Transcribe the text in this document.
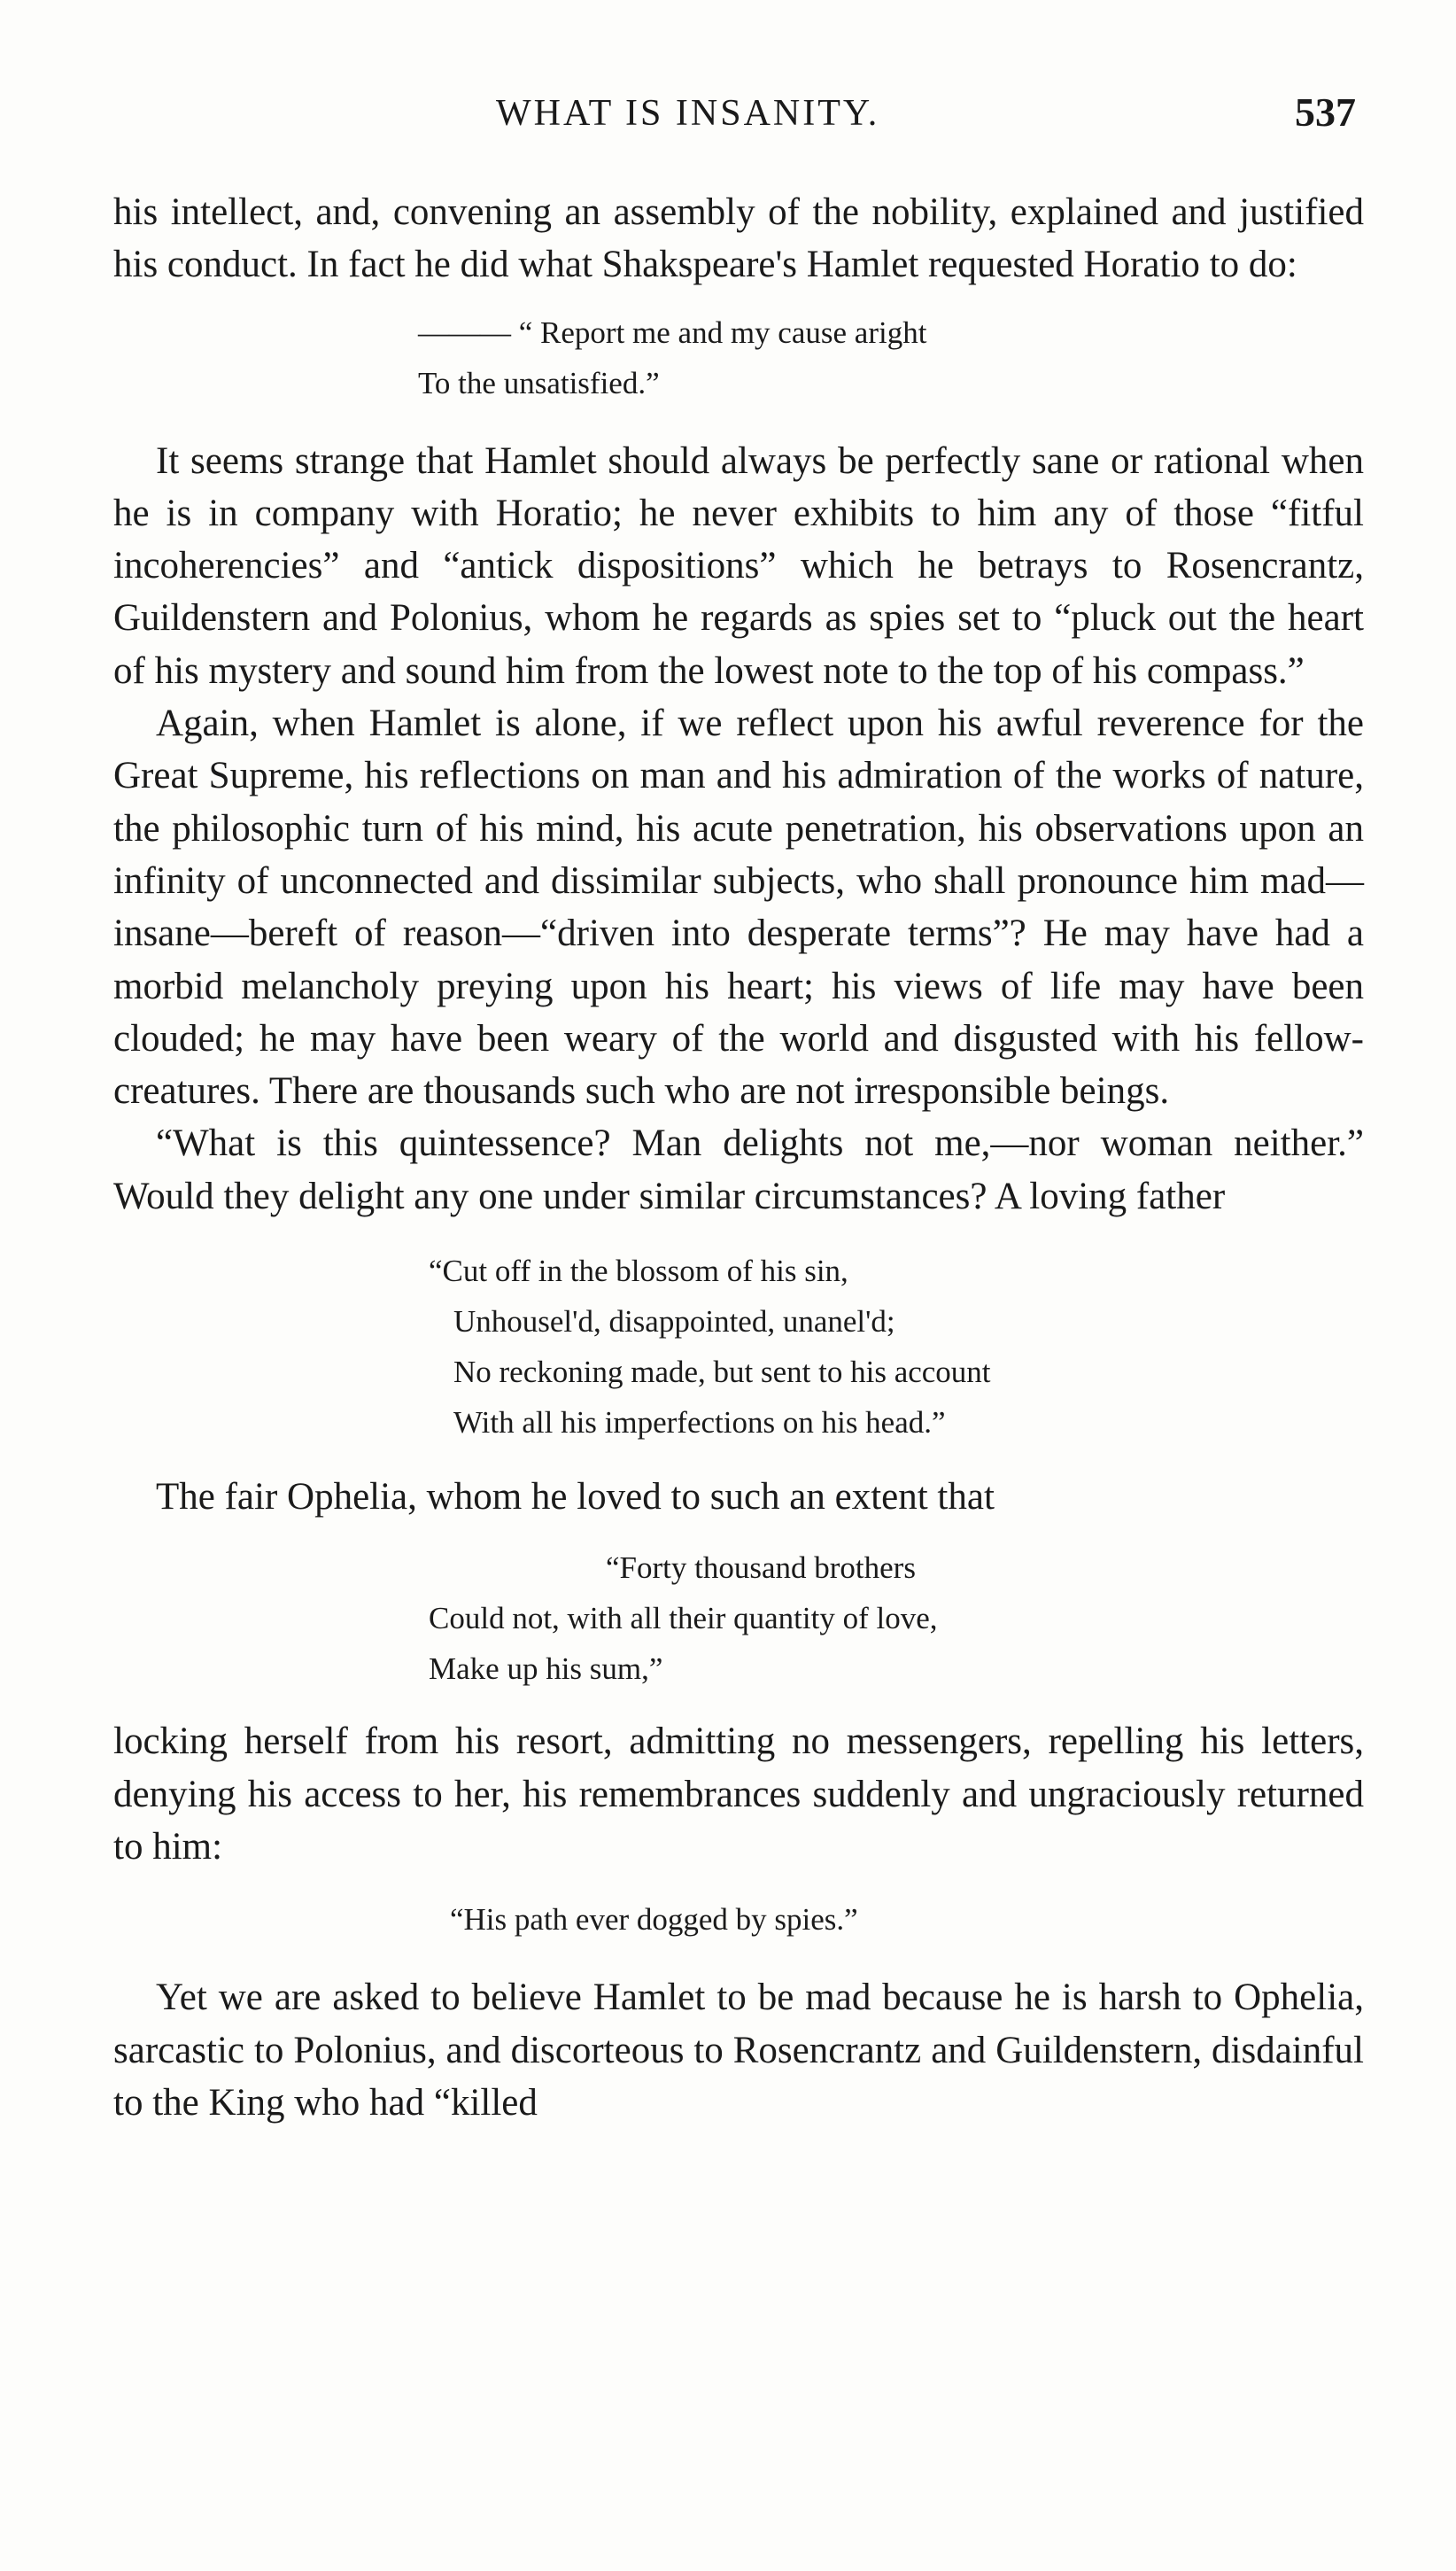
WHAT IS INSANITY.	537

his intellect, and, convening an assembly of the nobility, explained and justified his conduct. In fact he did what Shakspeare's Hamlet requested Horatio to do:

——— “ Report me and my cause aright
To the unsatisfied.”

It seems strange that Hamlet should always be perfectly sane or rational when he is in company with Horatio; he never exhibits to him any of those “fitful incoherencies” and “antick dispositions” which he betrays to Rosencrantz, Guildenstern and Polonius, whom he regards as spies set to “pluck out the heart of his mystery and sound him from the lowest note to the top of his compass.”

Again, when Hamlet is alone, if we reflect upon his awful reverence for the Great Supreme, his reflections on man and his admiration of the works of nature, the philosophic turn of his mind, his acute penetration, his observations upon an infinity of unconnected and dissimilar subjects, who shall pronounce him mad—insane—bereft of reason—“driven into desperate terms”? He may have had a morbid melancholy preying upon his heart; his views of life may have been clouded; he may have been weary of the world and disgusted with his fellow-creatures. There are thousands such who are not irresponsible beings.

“What is this quintessence? Man delights not me,—nor woman neither.” Would they delight any one under similar circumstances? A loving father

“Cut off in the blossom of his sin,
Unhousel'd, disappointed, unanel'd;
No reckoning made, but sent to his account
With all his imperfections on his head.”

The fair Ophelia, whom he loved to such an extent that

“Forty thousand brothers
Could not, with all their quantity of love,
Make up his sum,”

locking herself from his resort, admitting no messengers, repelling his letters, denying his access to her, his remembrances suddenly and ungraciously returned to him:

“His path ever dogged by spies.”

Yet we are asked to believe Hamlet to be mad because he is harsh to Ophelia, sarcastic to Polonius, and discorteous to Rosencrantz and Guildenstern, disdainful to the King who had “killed
